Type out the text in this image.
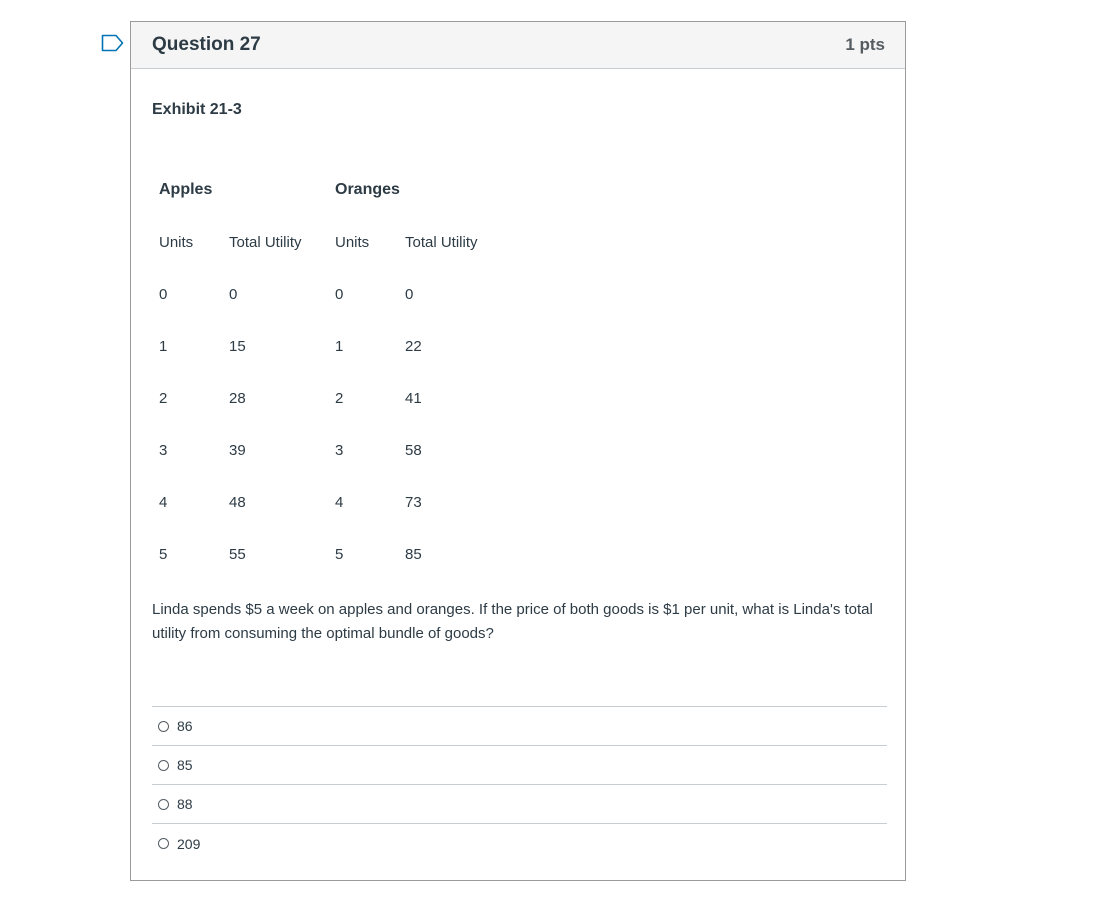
Question 27	1 pts
Exhibit 21-3
Apples		Oranges	
Units	Total Utility	Units	Total Utility
0	0	0	0
1	15	1	22
2	28	2	41
3	39	3	58
4	48	4	73
5	55	5	85
Linda spends $5 a week on apples and oranges. If the price of both goods is $1 per unit, what is Linda's total utility from consuming the optimal bundle of goods?
86
85
88
209
